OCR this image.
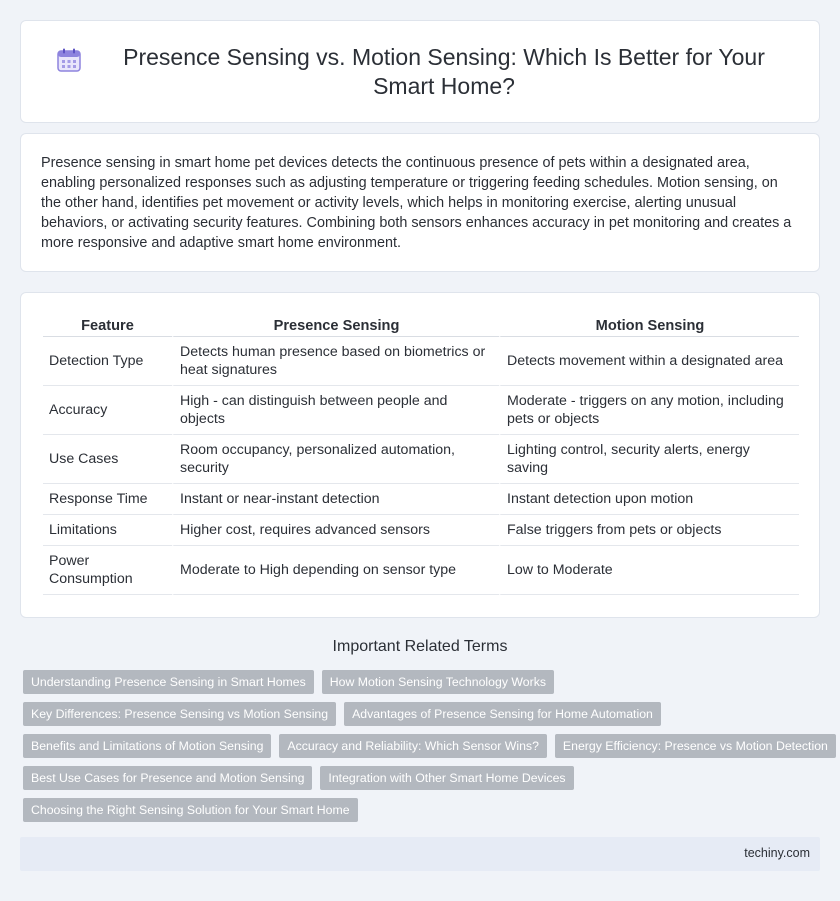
Presence Sensing vs. Motion Sensing: Which Is Better for Your Smart Home?

Presence sensing in smart home pet devices detects the continuous presence of pets within a designated area, enabling personalized responses such as adjusting temperature or triggering feeding schedules. Motion sensing, on the other hand, identifies pet movement or activity levels, which helps in monitoring exercise, alerting unusual behaviors, or activating security features. Combining both sensors enhances accuracy in pet monitoring and creates a more responsive and adaptive smart home environment.

Feature	Presence Sensing	Motion Sensing
Detection Type	Detects human presence based on biometrics or heat signatures	Detects movement within a designated area
Accuracy	High - can distinguish between people and objects	Moderate - triggers on any motion, including pets or objects
Use Cases	Room occupancy, personalized automation, security	Lighting control, security alerts, energy saving
Response Time	Instant or near-instant detection	Instant detection upon motion
Limitations	Higher cost, requires advanced sensors	False triggers from pets or objects
Power Consumption	Moderate to High depending on sensor type	Low to Moderate
Important Related Terms
Understanding Presence Sensing in Smart Homes	How Motion Sensing Technology Works
Key Differences: Presence Sensing vs Motion Sensing	Advantages of Presence Sensing for Home Automation
Benefits and Limitations of Motion Sensing	Accuracy and Reliability: Which Sensor Wins?	Energy Efficiency: Presence vs Motion Detection
Best Use Cases for Presence and Motion Sensing	Integration with Other Smart Home Devices
Choosing the Right Sensing Solution for Your Smart Home
techiny.com
